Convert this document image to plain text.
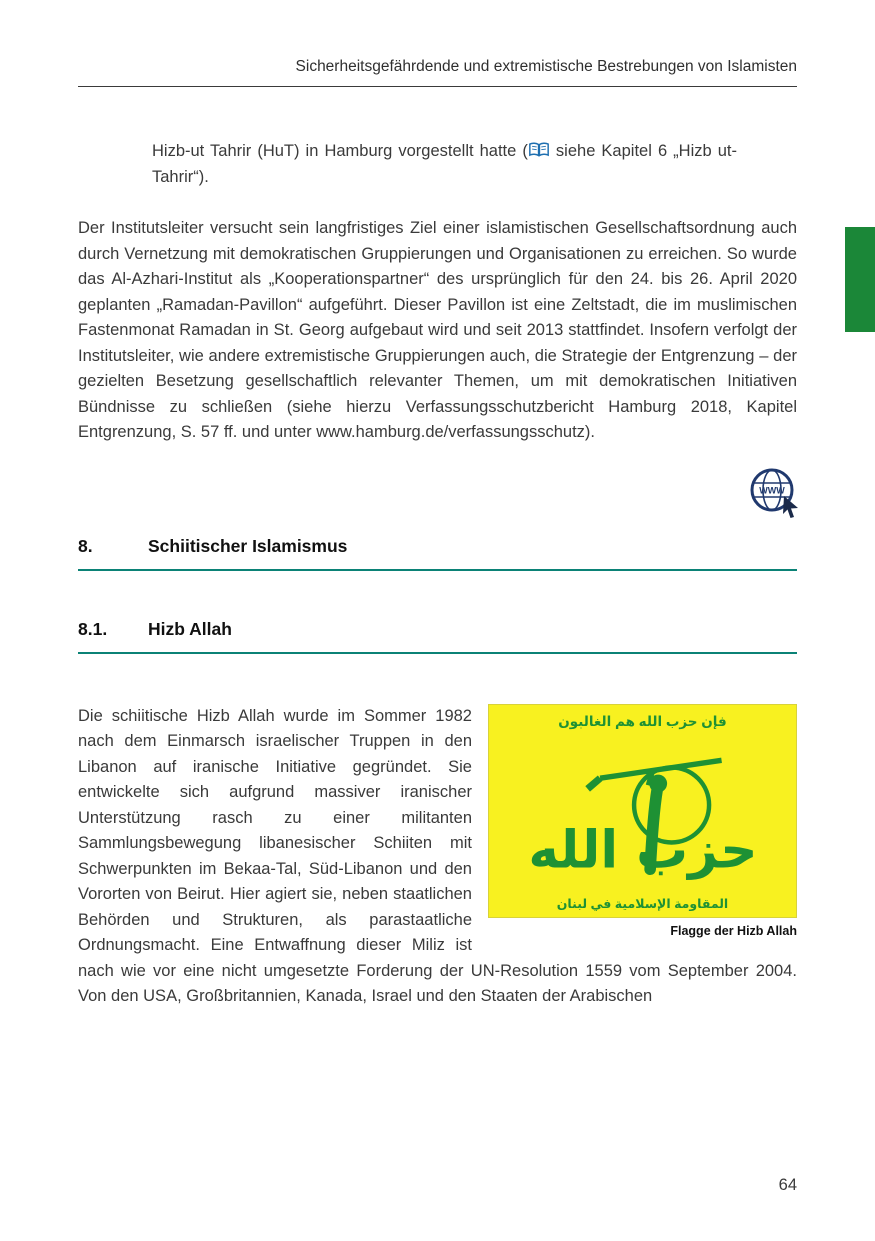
Sicherheitsgefährdende und extremistische Bestrebungen von Islamisten

Hizb-ut Tahrir (HuT) in Hamburg vorgestellt hatte ( siehe Kapitel 6 „Hizb ut-Tahrir“).

Der Institutsleiter versucht sein langfristiges Ziel einer islamistischen Gesellschaftsordnung auch durch Vernetzung mit demokratischen Gruppierungen und Organisationen zu erreichen. So wurde das Al-Azhari-Institut als „Kooperationspartner“ des ursprünglich für den 24. bis 26. April 2020 geplanten „Ramadan-Pavillon“ aufgeführt. Dieser Pavillon ist eine Zeltstadt, die im muslimischen Fastenmonat Ramadan in St. Georg aufgebaut wird und seit 2013 stattfindet. Insofern verfolgt der Institutsleiter, wie andere extremistische Gruppierungen auch, die Strategie der Entgrenzung – der gezielten Besetzung gesellschaftlich relevanter Themen, um mit demokratischen Initiativen Bündnisse zu schließen (siehe hierzu Verfassungsschutzbericht Hamburg 2018, Kapitel Entgrenzung, S. 57 ff. und unter www.hamburg.de/verfassungsschutz).

8.	Schiitischer Islamismus
8.1.	Hizb Allah
فإن حزب الله هم الغالبون
حزب الله
المقاومة الإسلامية في لبنان
Flagge der Hizb Allah

Die schiitische Hizb Allah wurde im Sommer 1982 nach dem Einmarsch israelischer Truppen in den Libanon auf iranische Initiative gegründet. Sie entwickelte sich aufgrund massiver iranischer Unterstützung rasch zu einer militanten Sammlungsbewegung libanesischer Schiiten mit Schwerpunkten im Bekaa-Tal, Süd-Libanon und den Vororten von Beirut. Hier agiert sie, neben staatlichen Behörden und Strukturen, als parastaatliche Ordnungsmacht. Eine Entwaffnung dieser Miliz ist nach wie vor eine nicht umgesetzte Forderung der UN-Resolution 1559 vom September 2004. Von den USA, Großbritannien, Kanada, Israel und den Staaten der Arabischen

WWW
64
